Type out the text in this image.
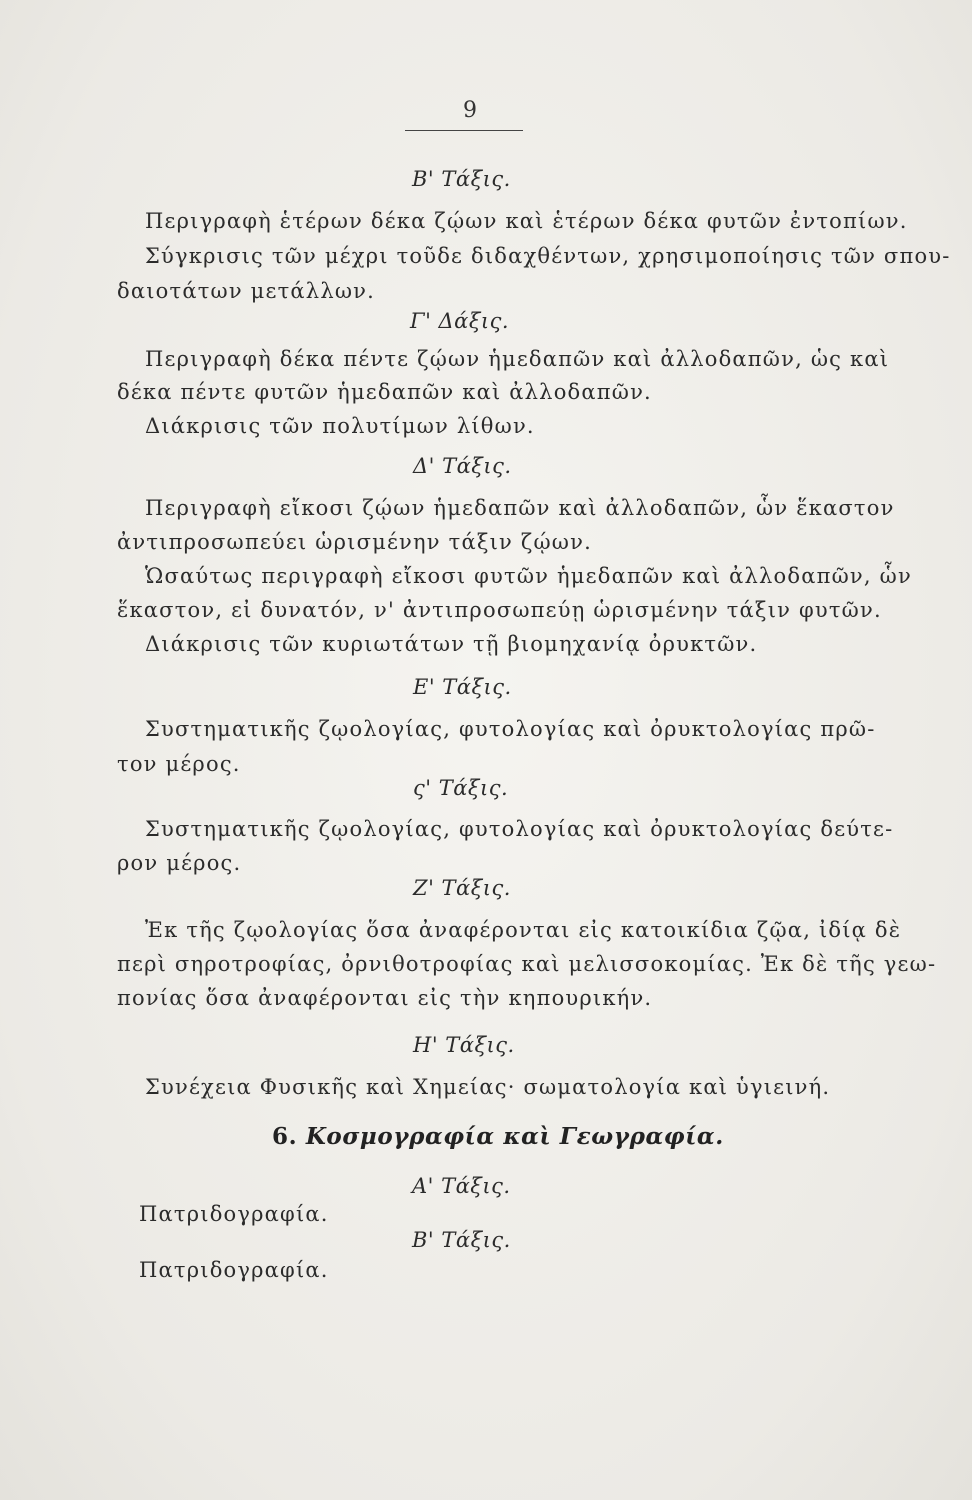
9
Β' Τάξις.
Περιγραφὴ ἑτέρων δέκα ζῴων καὶ ἑτέρων δέκα φυτῶν ἐντοπίων.
Σύγκρισις τῶν μέχρι τοῦδε διδαχθέντων, χρησιμοποίησις τῶν σπου-
δαιοτάτων μετάλλων.
Γ' Δάξις.
Περιγραφὴ δέκα πέντε ζῴων ἡμεδαπῶν καὶ ἀλλοδαπῶν, ὡς καὶ
δέκα πέντε φυτῶν ἡμεδαπῶν καὶ ἀλλοδαπῶν.
Διάκρισις τῶν πολυτίμων λίθων.
Δ' Τάξις.
Περιγραφὴ εἴκοσι ζῴων ἡμεδαπῶν καὶ ἀλλοδαπῶν, ὧν ἕκαστον
ἀντιπροσωπεύει ὡρισμένην τάξιν ζῴων.
Ὡσαύτως περιγραφὴ εἴκοσι φυτῶν ἡμεδαπῶν καὶ ἀλλοδαπῶν, ὧν
ἕκαστον, εἰ δυνατόν, ν' ἀντιπροσωπεύῃ ὡρισμένην τάξιν φυτῶν.
Διάκρισις τῶν κυριωτάτων τῇ βιομηχανίᾳ ὀρυκτῶν.
Ε' Τάξις.
Συστηματικῆς ζῳολογίας, φυτολογίας καὶ ὀρυκτολογίας πρῶ-
τον μέρος.
ς' Τάξις.
Συστηματικῆς ζῳολογίας, φυτολογίας καὶ ὀρυκτολογίας δεύτε-
ρον μέρος.
Ζ' Τάξις.
Ἐκ τῆς ζῳολογίας ὅσα ἀναφέρονται εἰς κατοικίδια ζῷα, ἰδίᾳ δὲ
περὶ σηροτροφίας, ὀρνιθοτροφίας καὶ μελισσοκομίας. Ἐκ δὲ τῆς γεω-
πονίας ὅσα ἀναφέρονται εἰς τὴν κηπουρικήν.
Η' Τάξις.
Συνέχεια Φυσικῆς καὶ Χημείας· σωματολογία καὶ ὑγιεινή.
6. Κοσμογραφία καὶ Γεωγραφία.
Α' Τάξις.
Πατριδογραφία.
Β' Τάξις.
Πατριδογραφία.
